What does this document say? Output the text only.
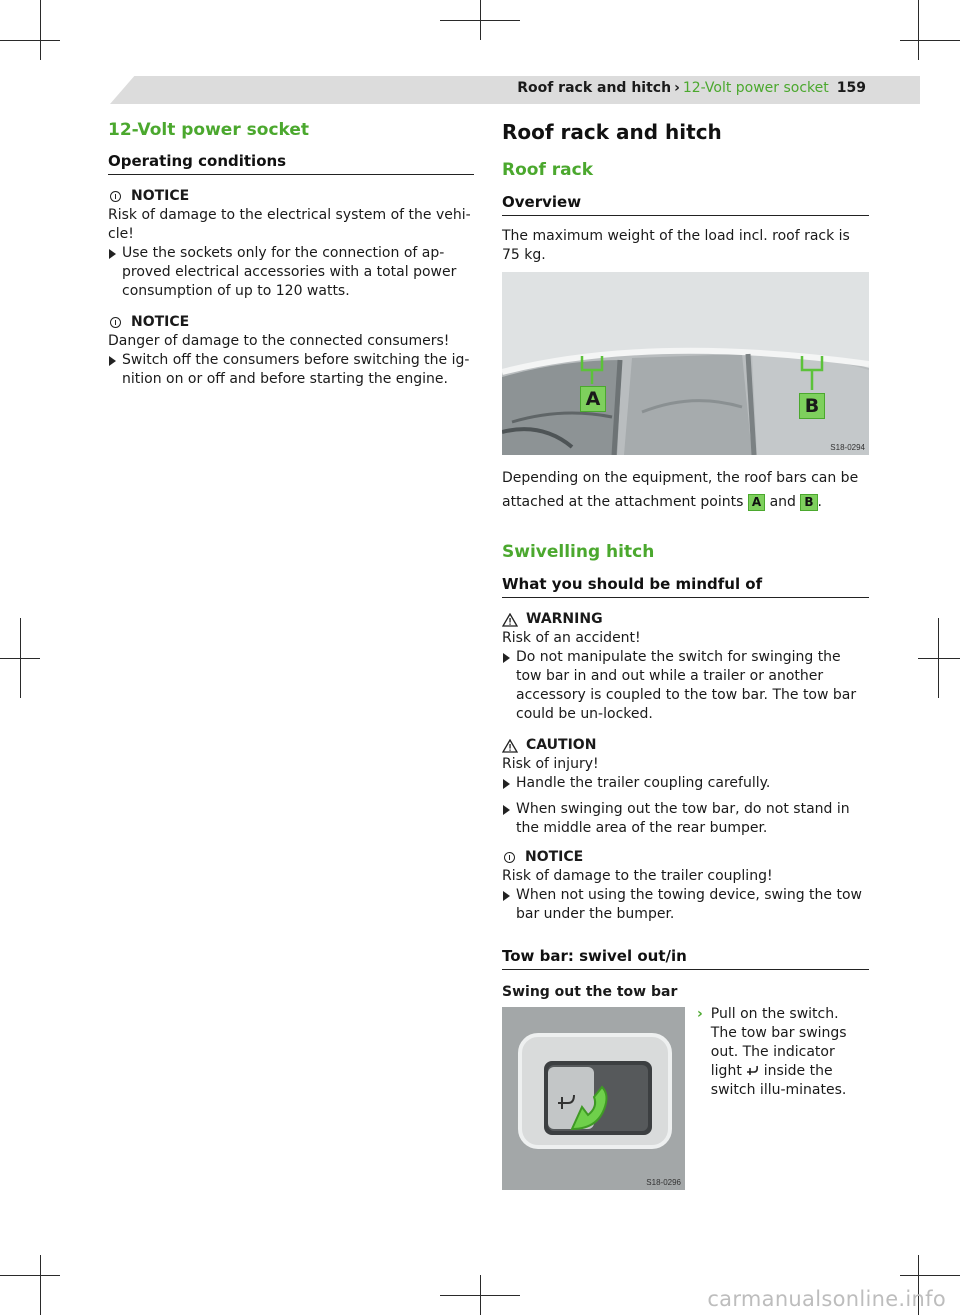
Roof rack and hitch › 12-Volt power socket 159
12-Volt power socket
Operating conditions
NOTICE

Risk of damage to the electrical system of the vehi-cle!

Use the sockets only for the connection of ap-proved electrical accessories with a total power consumption of up to 120 watts.
NOTICE

Danger of damage to the connected consumers!

Switch off the consumers before switching the ig-nition on or off and before starting the engine.
Roof rack and hitch
Roof rack
Overview

The maximum weight of the load incl. roof rack is 75 kg.

A	B
S18-0294
Depending on the equipment, the roof bars can be attached at the attachment points A and B .
Swivelling hitch
What you should be mindful of
WARNING

Risk of an accident!

Do not manipulate the switch for swinging the tow bar in and out while a trailer or another accessory is coupled to the tow bar. The tow bar could be un-locked.
CAUTION

Risk of injury!

Handle the trailer coupling carefully.
When swinging out the tow bar, do not stand in the middle area of the rear bumper.
NOTICE

Risk of damage to the trailer coupling!

When not using the towing device, swing the tow bar under the bumper.
Tow bar: swivel out/in
Swing out the tow bar
S18-0296
› Pull on the switch. The tow bar swings out. The indicator light inside the switch illu-minates.
carmanualsonline.info
